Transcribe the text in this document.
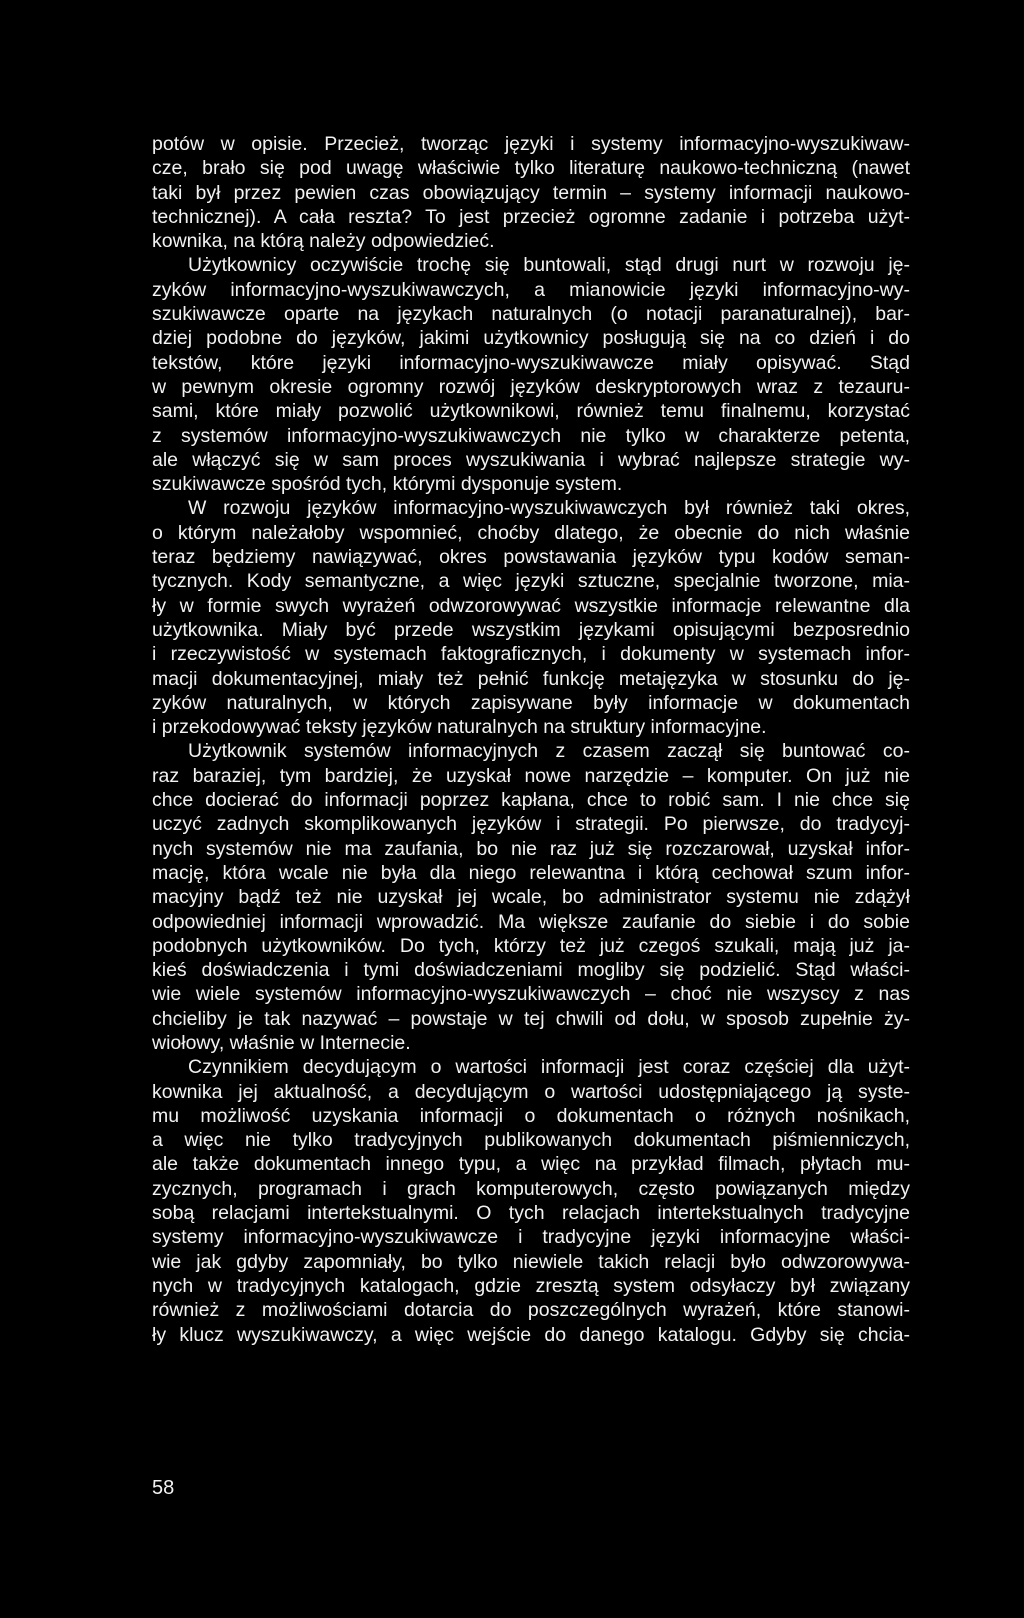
potów w opisie. Przecież, tworząc języki i systemy informacyjno-wyszukiwaw-
cze, brało się pod uwagę właściwie tylko literaturę naukowo-techniczną (nawet
taki był przez pewien czas obowiązujący termin – systemy informacji naukowo-
technicznej). A cała reszta? To jest przecież ogromne zadanie i potrzeba użyt-
kownika, na którą należy odpowiedzieć.
Użytkownicy oczywiście trochę się buntowali, stąd drugi nurt w rozwoju ję-
zyków informacyjno-wyszukiwawczych, a mianowicie języki informacyjno-wy-
szukiwawcze oparte na językach naturalnych (o notacji paranaturalnej), bar-
dziej podobne do języków, jakimi użytkownicy posługują się na co dzień i do
tekstów, które języki informacyjno-wyszukiwawcze miały opisywać. Stąd
w pewnym okresie ogromny rozwój języków deskryptorowych wraz z tezauru-
sami, które miały pozwolić użytkownikowi, również temu finalnemu, korzystać
z systemów informacyjno-wyszukiwawczych nie tylko w charakterze petenta,
ale włączyć się w sam proces wyszukiwania i wybrać najlepsze strategie wy-
szukiwawcze spośród tych, którymi dysponuje system.
W rozwoju języków informacyjno-wyszukiwawczych był również taki okres,
o którym należałoby wspomnieć, choćby dlatego, że obecnie do nich właśnie
teraz będziemy nawiązywać, okres powstawania języków typu kodów seman-
tycznych. Kody semantyczne, a więc języki sztuczne, specjalnie tworzone, mia-
ły w formie swych wyrażeń odwzorowywać wszystkie informacje relewantne dla
użytkownika. Miały być przede wszystkim językami opisującymi bezposrednio
i rzeczywistość w systemach faktograficznych, i dokumenty w systemach infor-
macji dokumentacyjnej, miały też pełnić funkcję metajęzyka w stosunku do ję-
zyków naturalnych, w których zapisywane były informacje w dokumentach
i przekodowywać teksty języków naturalnych na struktury informacyjne.
Użytkownik systemów informacyjnych z czasem zaczął się buntować co-
raz baraziej, tym bardziej, że uzyskał nowe narzędzie – komputer. On już nie
chce docierać do informacji poprzez kapłana, chce to robić sam. I nie chce się
uczyć zadnych skomplikowanych języków i strategii. Po pierwsze, do tradycyj-
nych systemów nie ma zaufania, bo nie raz już się rozczarował, uzyskał infor-
mację, która wcale nie była dla niego relewantna i którą cechował szum infor-
macyjny bądź też nie uzyskał jej wcale, bo administrator systemu nie zdążył
odpowiedniej informacji wprowadzić. Ma większe zaufanie do siebie i do sobie
podobnych użytkowników. Do tych, którzy też już czegoś szukali, mają już ja-
kieś doświadczenia i tymi doświadczeniami mogliby się podzielić. Stąd właści-
wie wiele systemów informacyjno-wyszukiwawczych – choć nie wszyscy z nas
chcieliby je tak nazywać – powstaje w tej chwili od dołu, w sposob zupełnie ży-
wiołowy, właśnie w Internecie.
Czynnikiem decydującym o wartości informacji jest coraz częściej dla użyt-
kownika jej aktualność, a decydującym o wartości udostępniającego ją syste-
mu możliwość uzyskania informacji o dokumentach o różnych nośnikach,
a więc nie tylko tradycyjnych publikowanych dokumentach piśmienniczych,
ale także dokumentach innego typu, a więc na przykład filmach, płytach mu-
zycznych, programach i grach komputerowych, często powiązanych między
sobą relacjami intertekstualnymi. O tych relacjach intertekstualnych tradycyjne
systemy informacyjno-wyszukiwawcze i tradycyjne języki informacyjne właści-
wie jak gdyby zapomniały, bo tylko niewiele takich relacji było odwzorowywa-
nych w tradycyjnych katalogach, gdzie zresztą system odsyłaczy był związany
również z możliwościami dotarcia do poszczególnych wyrażeń, które stanowi-
ły klucz wyszukiwawczy, a więc wejście do danego katalogu. Gdyby się chcia-
58
